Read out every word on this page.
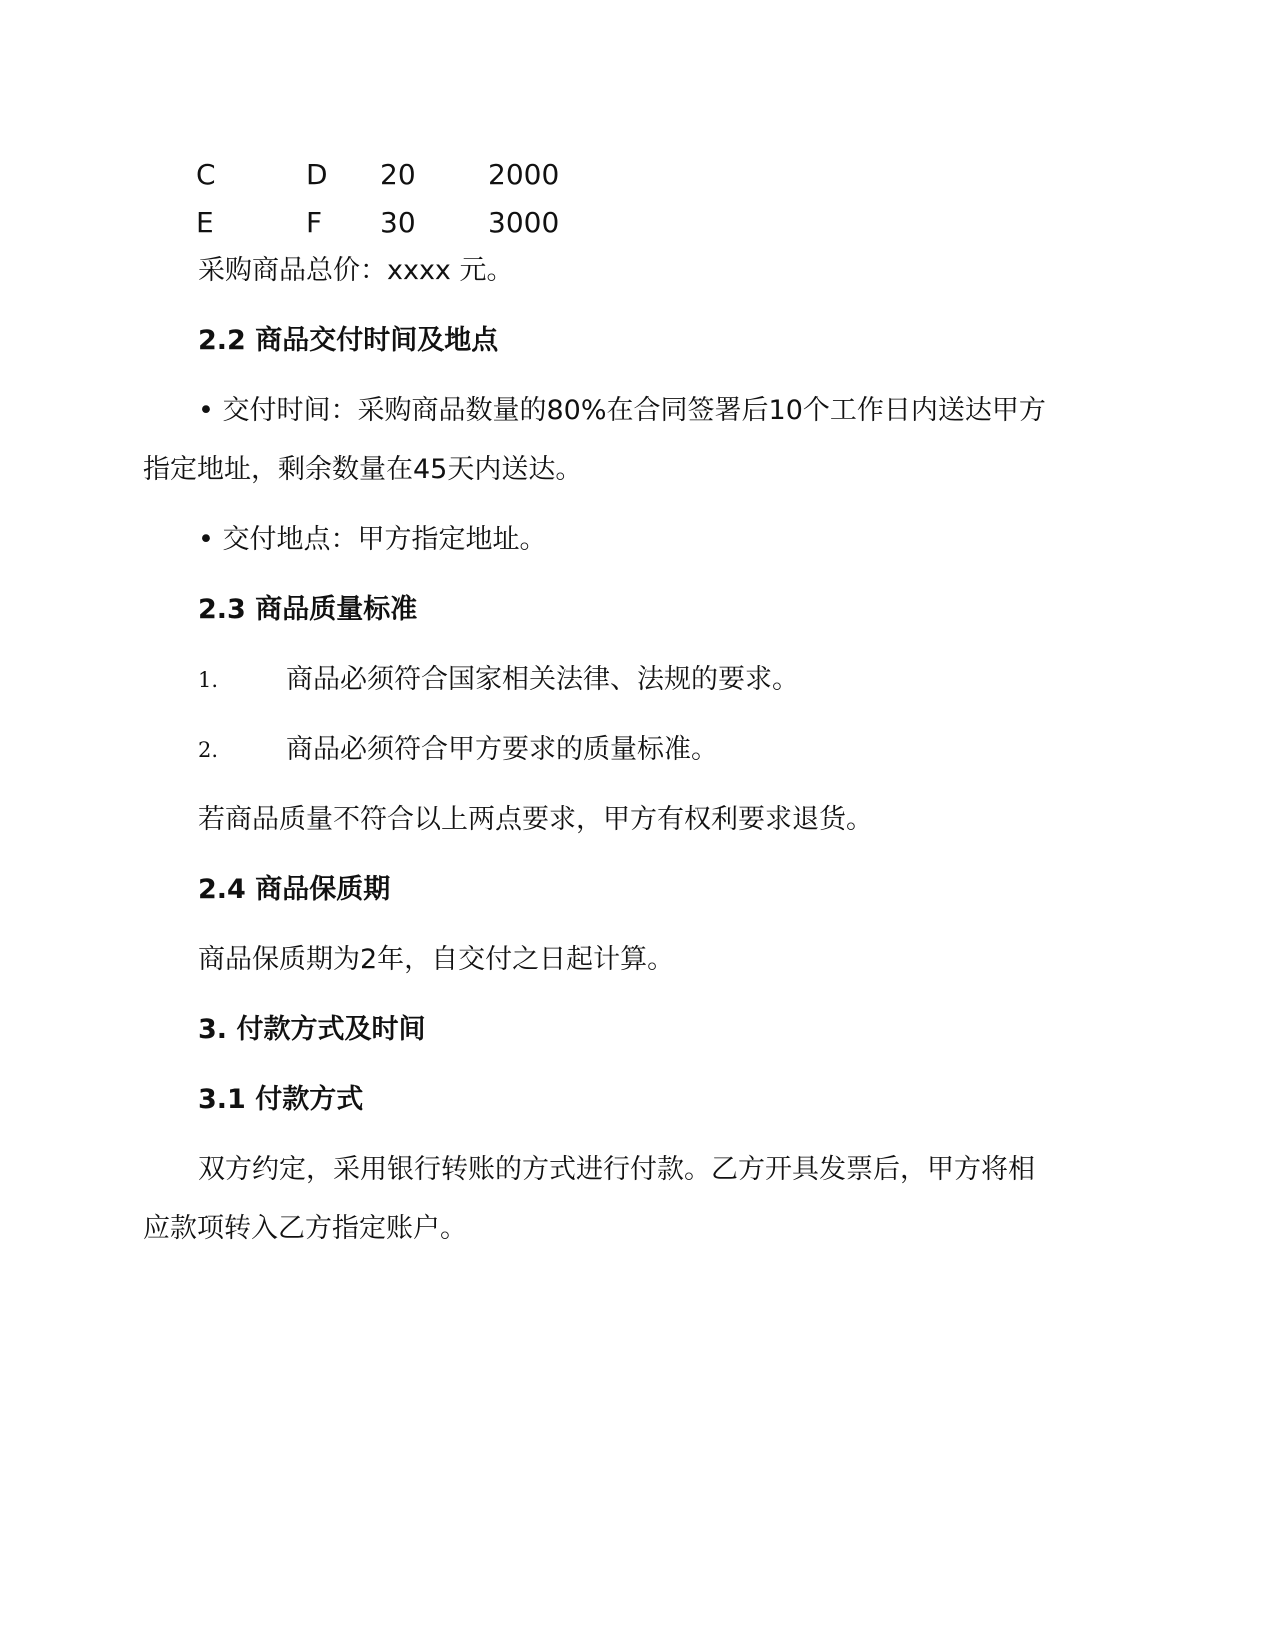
C	D 20	2000
E	F 30	3000
采购商品总价：xxxx 元。
2.2 商品交付时间及地点
• 交付时间：采购商品数量的80%在合同签署后10个工作日内送达甲方
指定地址，剩余数量在45天内送达。
• 交付地点：甲方指定地址。
2.3 商品质量标准
1.	商品必须符合国家相关法律、法规的要求。
2.	商品必须符合甲方要求的质量标准。
若商品质量不符合以上两点要求，甲方有权利要求退货。
2.4 商品保质期
商品保质期为2年，自交付之日起计算。
3. 付款方式及时间
3.1 付款方式
双方约定，采用银行转账的方式进行付款。乙方开具发票后，甲方将相
应款项转入乙方指定账户。
